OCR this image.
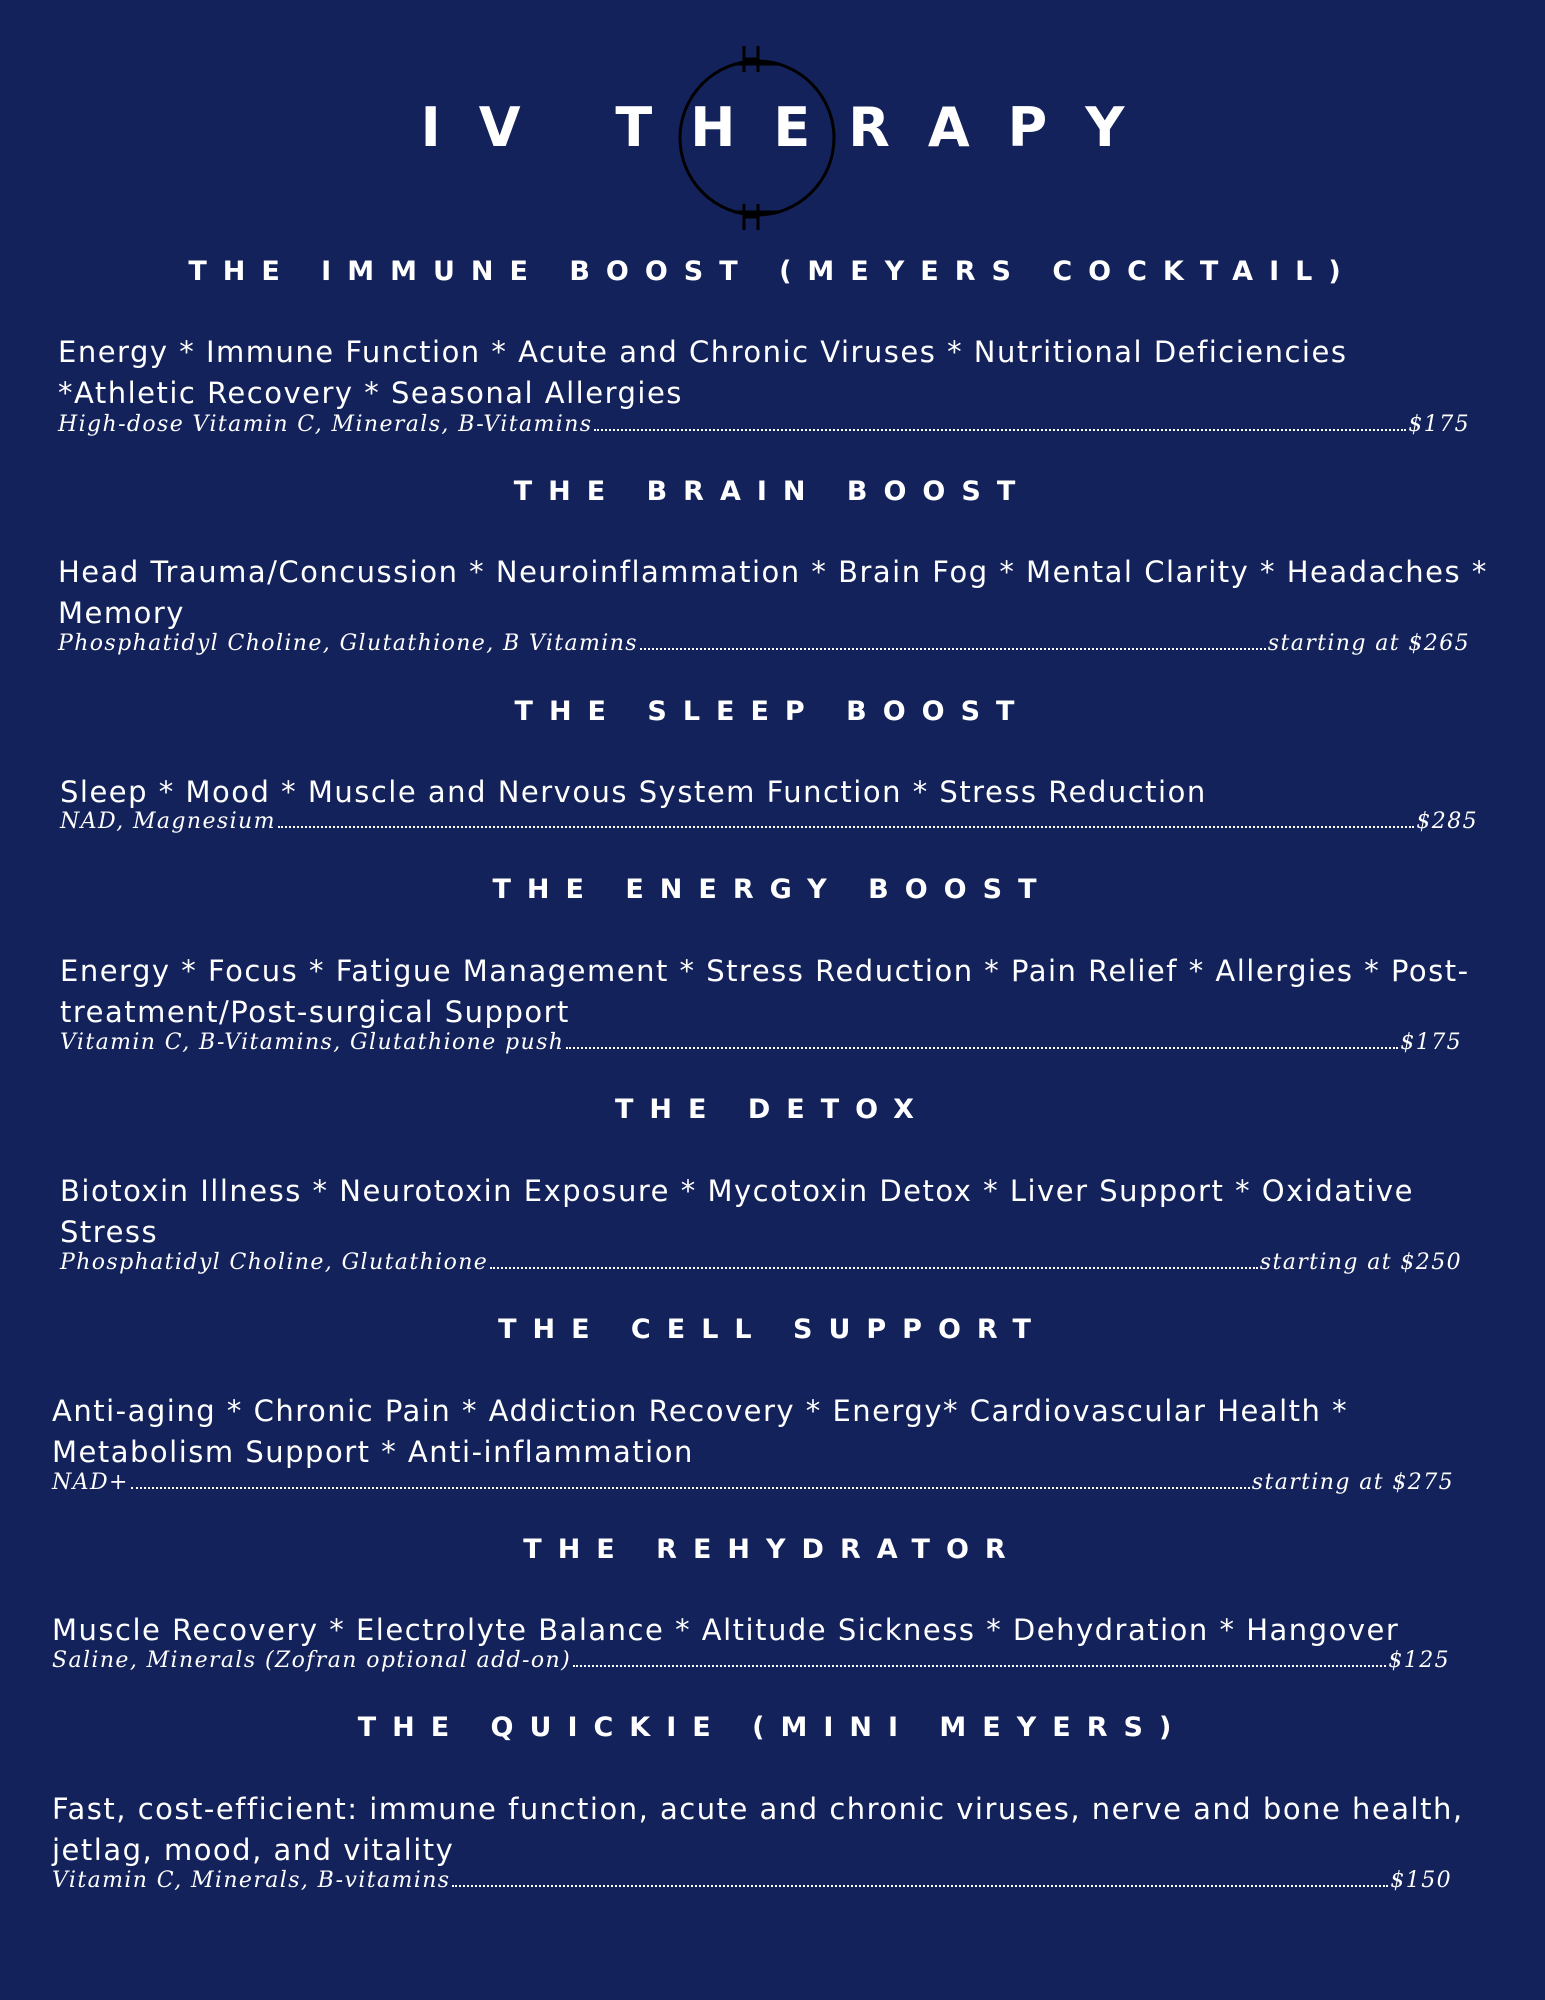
IV THERAPY
THE IMMUNE BOOST (MEYERS COCKTAIL)

Energy * Immune Function * Acute and Chronic Viruses * Nutritional Deficiencies *Athletic Recovery * Seasonal Allergies

High-dose Vitamin C, Minerals, B-Vitamins	$175
THE BRAIN BOOST

Head Trauma/Concussion * Neuroinflammation * Brain Fog * Mental Clarity * Headaches * Memory

Phosphatidyl Choline, Glutathione, B Vitamins	starting at $265
THE SLEEP BOOST

Sleep * Mood * Muscle and Nervous System Function * Stress Reduction

NAD, Magnesium	$285
THE ENERGY BOOST

Energy * Focus * Fatigue Management * Stress Reduction * Pain Relief * Allergies * Post-treatment/Post-surgical Support

Vitamin C, B-Vitamins, Glutathione push	$175
THE DETOX

Biotoxin Illness * Neurotoxin Exposure * Mycotoxin Detox * Liver Support * Oxidative Stress

Phosphatidyl Choline, Glutathione	starting at $250
THE CELL SUPPORT

Anti-aging * Chronic Pain * Addiction Recovery * Energy* Cardiovascular Health * Metabolism Support * Anti-inflammation

NAD+	starting at $275
THE REHYDRATOR

Muscle Recovery * Electrolyte Balance * Altitude Sickness * Dehydration * Hangover

Saline, Minerals (Zofran optional add-on)	$125
THE QUICKIE (MINI MEYERS)

Fast, cost-efficient: immune function, acute and chronic viruses, nerve and bone health, jetlag, mood, and vitality

Vitamin C, Minerals, B-vitamins	$150
